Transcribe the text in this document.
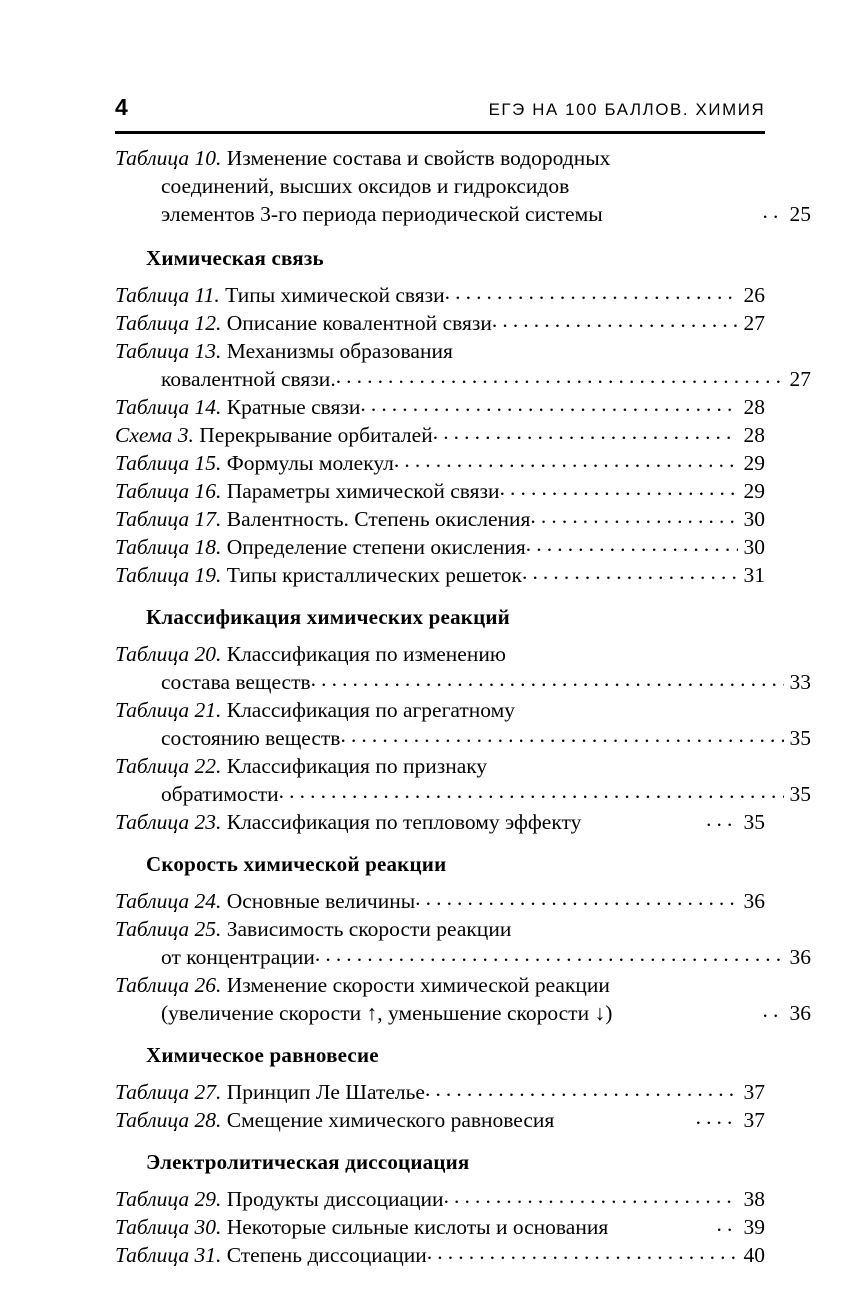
4	ЕГЭ НА 100 БАЛЛОВ. ХИМИЯ
Таблица 10. Изменение состава и свойств водородных
соединений, высших оксидов и гидроксидов
элементов 3-го периода периодической системы	.. 25
Химическая связь
Таблица 11. Типы химической связи .....	26
Таблица 12. Описание ковалентной связи .....	27
Таблица 13. Механизмы образования
ковалентной связи. .....	27
Таблица 14. Кратные связи .....	28
Схема 3. Перекрывание орбиталей .....	28
Таблица 15. Формулы молекул .....	29
Таблица 16. Параметры химической связи .....	29
Таблица 17. Валентность. Степень окисления .....	30
Таблица 18. Определение степени окисления .....	30
Таблица 19. Типы кристаллических решеток .....	31
Классификация химических реакций
Таблица 20. Классификация по изменению
состава веществ .....	33
Таблица 21. Классификация по агрегатному
состоянию веществ .....	35
Таблица 22. Классификация по признаку
обратимости .....	35
Таблица 23. Классификация по тепловому эффекту	... 35
Скорость химической реакции
Таблица 24. Основные величины .....	36
Таблица 25. Зависимость скорости реакции
от концентрации .....	36
Таблица 26. Изменение скорости химической реакции
(увеличение скорости ↑, уменьшение скорости ↓)	.. 36
Химическое равновесие
Таблица 27. Принцип Ле Шателье .....	37
Таблица 28. Смещение химического равновесия	.... 37
Электролитическая диссоциация
Таблица 29. Продукты диссоциации .....	38
Таблица 30. Некоторые сильные кислоты и основания	.. 39
Таблица 31. Степень диссоциации .....	40
